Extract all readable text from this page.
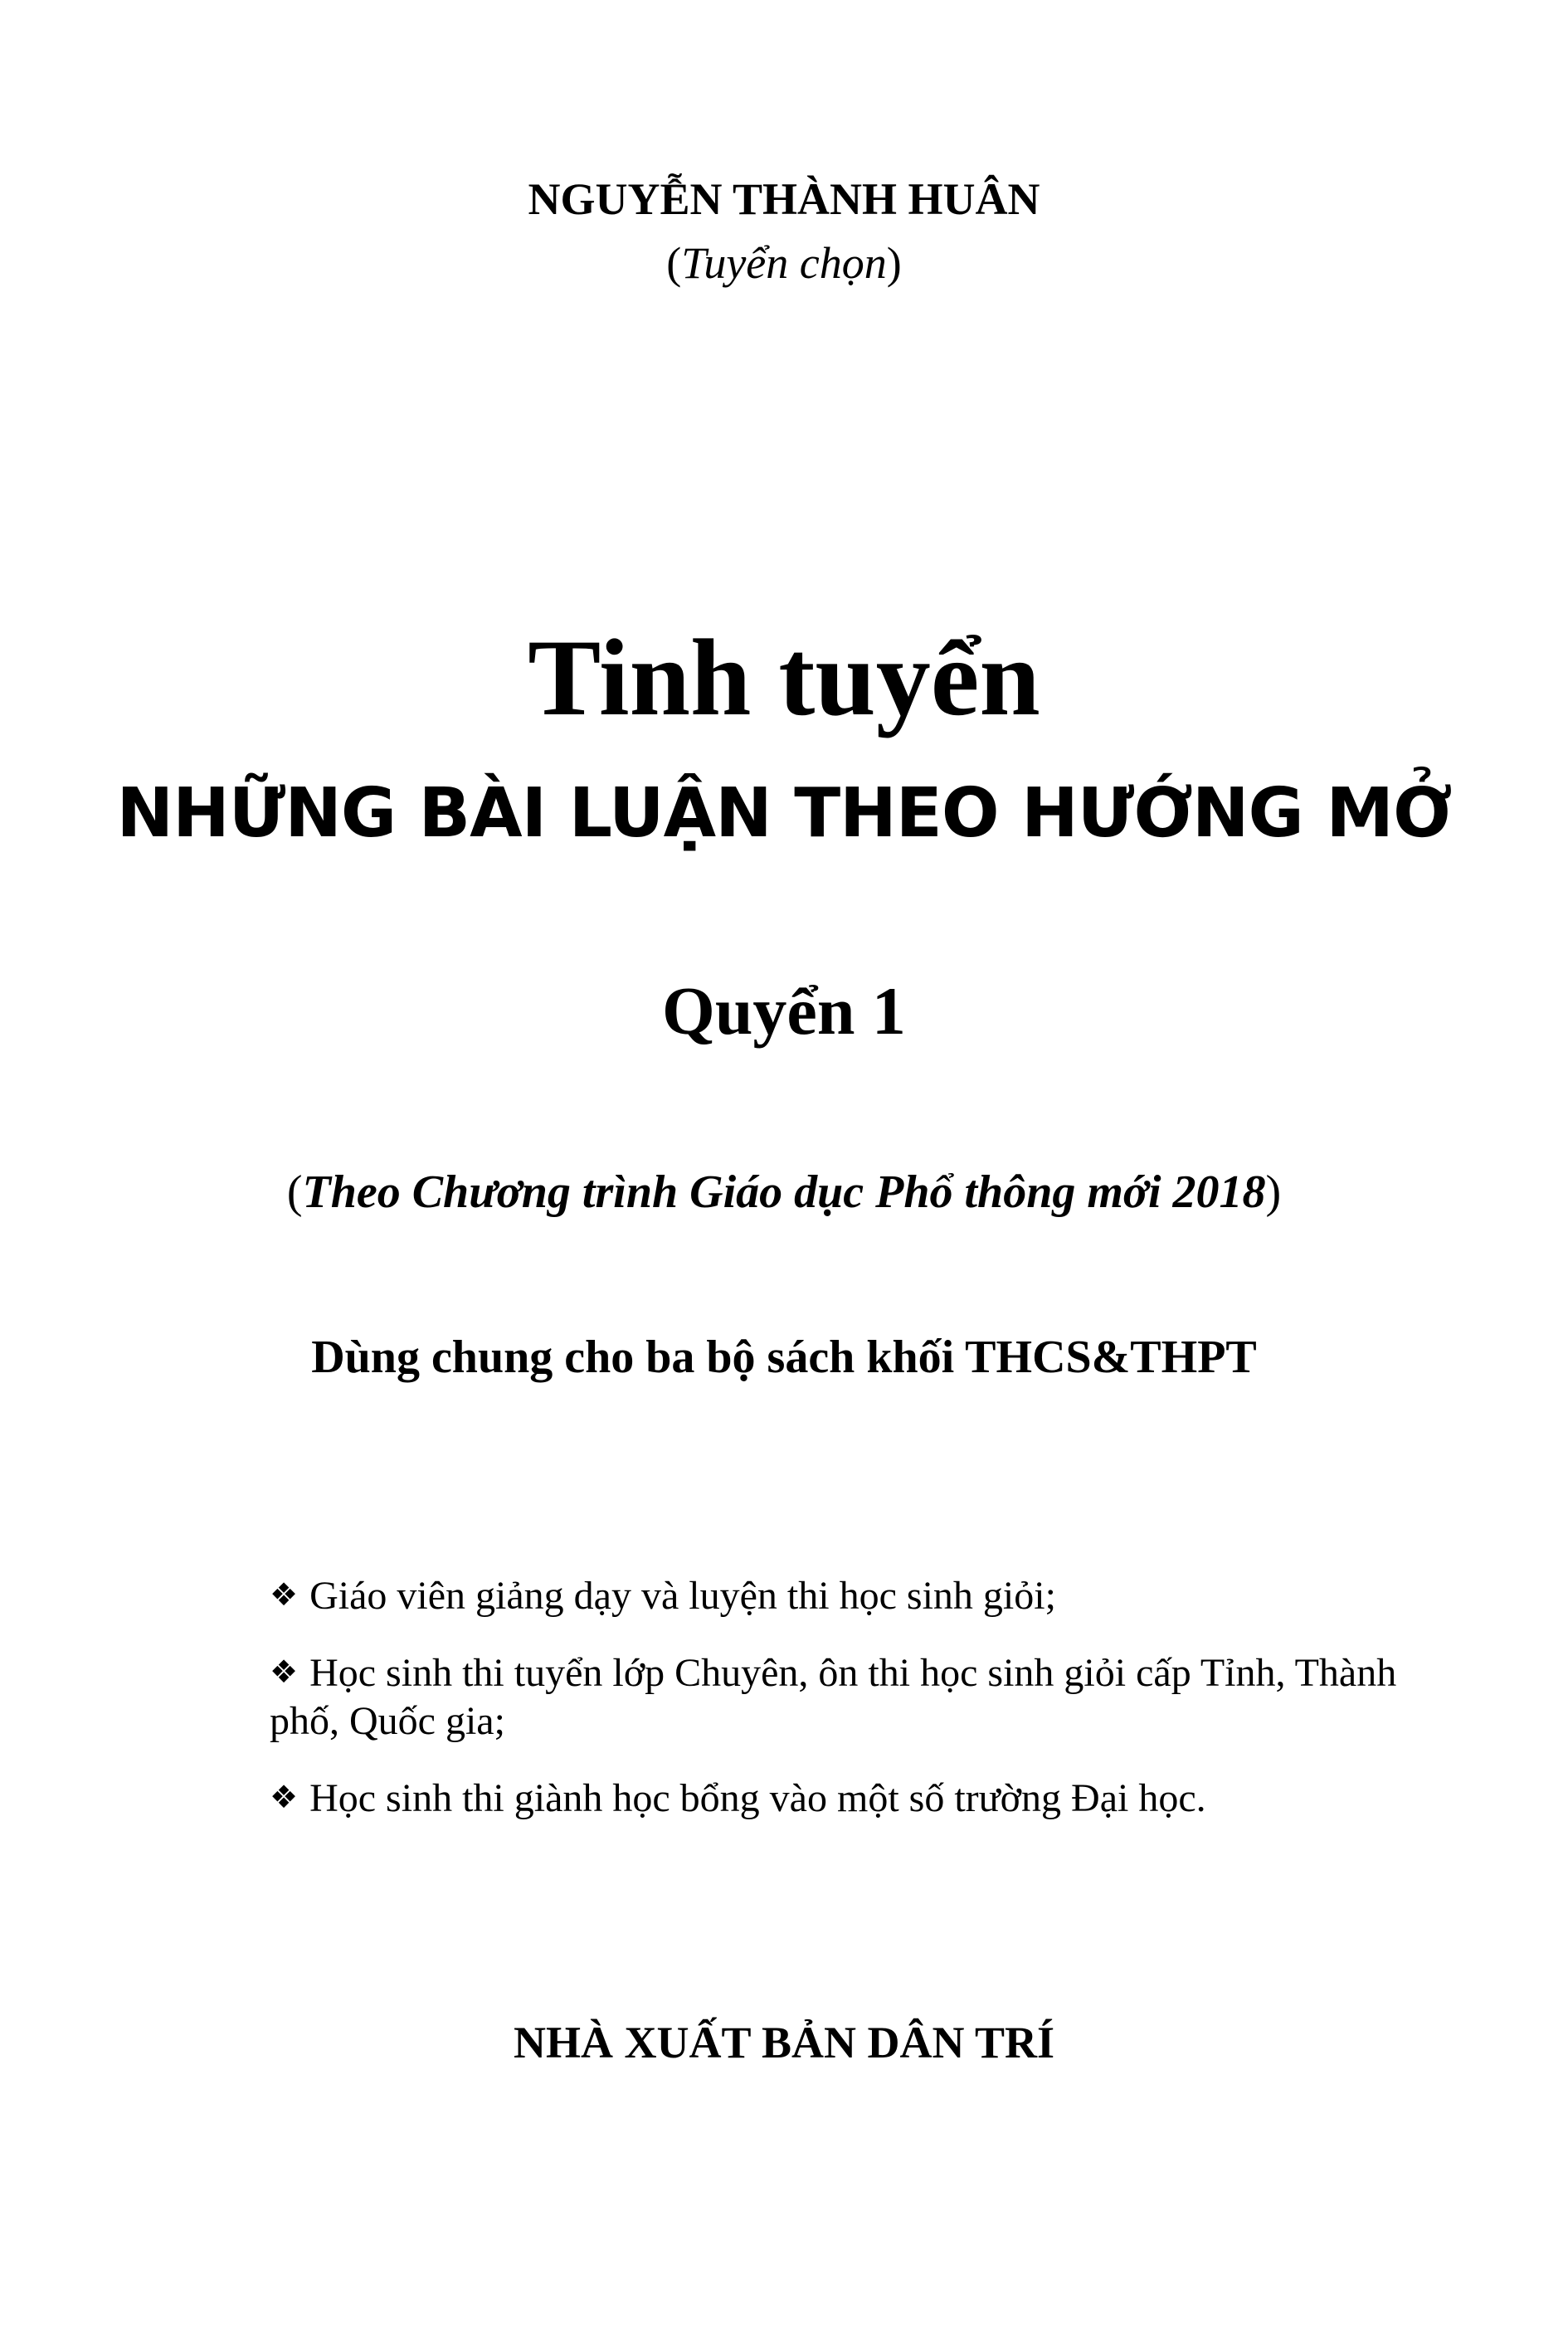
NGUYỄN THÀNH HUÂN
(Tuyển chọn)
Tinh tuyển
NHỮNG BÀI LUẬN THEO HƯỚNG MỞ
Quyển 1
(Theo Chương trình Giáo dục Phổ thông mới 2018)
Dùng chung cho ba bộ sách khối THCS&THPT
❖ Giáo viên giảng dạy và luyện thi học sinh giỏi;
❖ Học sinh thi tuyển lớp Chuyên, ôn thi học sinh giỏi cấp Tỉnh, Thành phố, Quốc gia;
❖ Học sinh thi giành học bổng vào một số trường Đại học.
NHÀ XUẤT BẢN DÂN TRÍ
